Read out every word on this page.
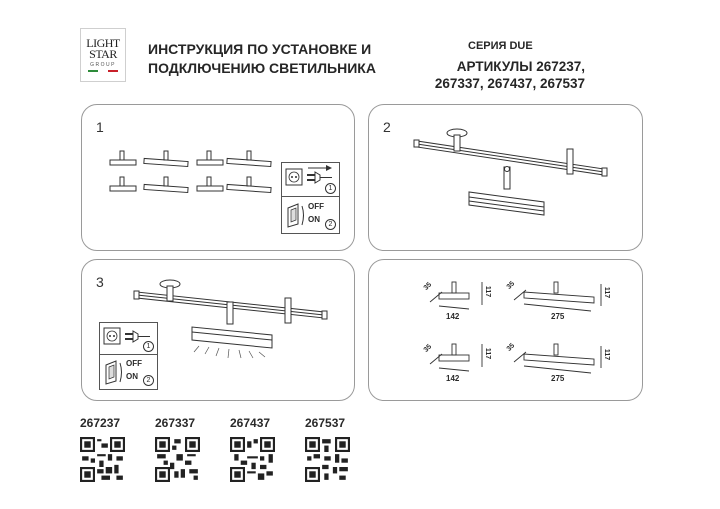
LIGHT
STAR
GROUP
ИНСТРУКЦИЯ ПО УСТАНОВКЕ И
ПОДКЛЮЧЕНИЮ СВЕТИЛЬНИКА
СЕРИЯ DUE
АРТИКУЛЫ 267237,
267337, 267437, 267537
1
1
OFF
ON
2
2
3
1
OFF
ON	2
35	117
142
35
117
275
35	117
142
35
117
275
267237	267337	267437	267537
